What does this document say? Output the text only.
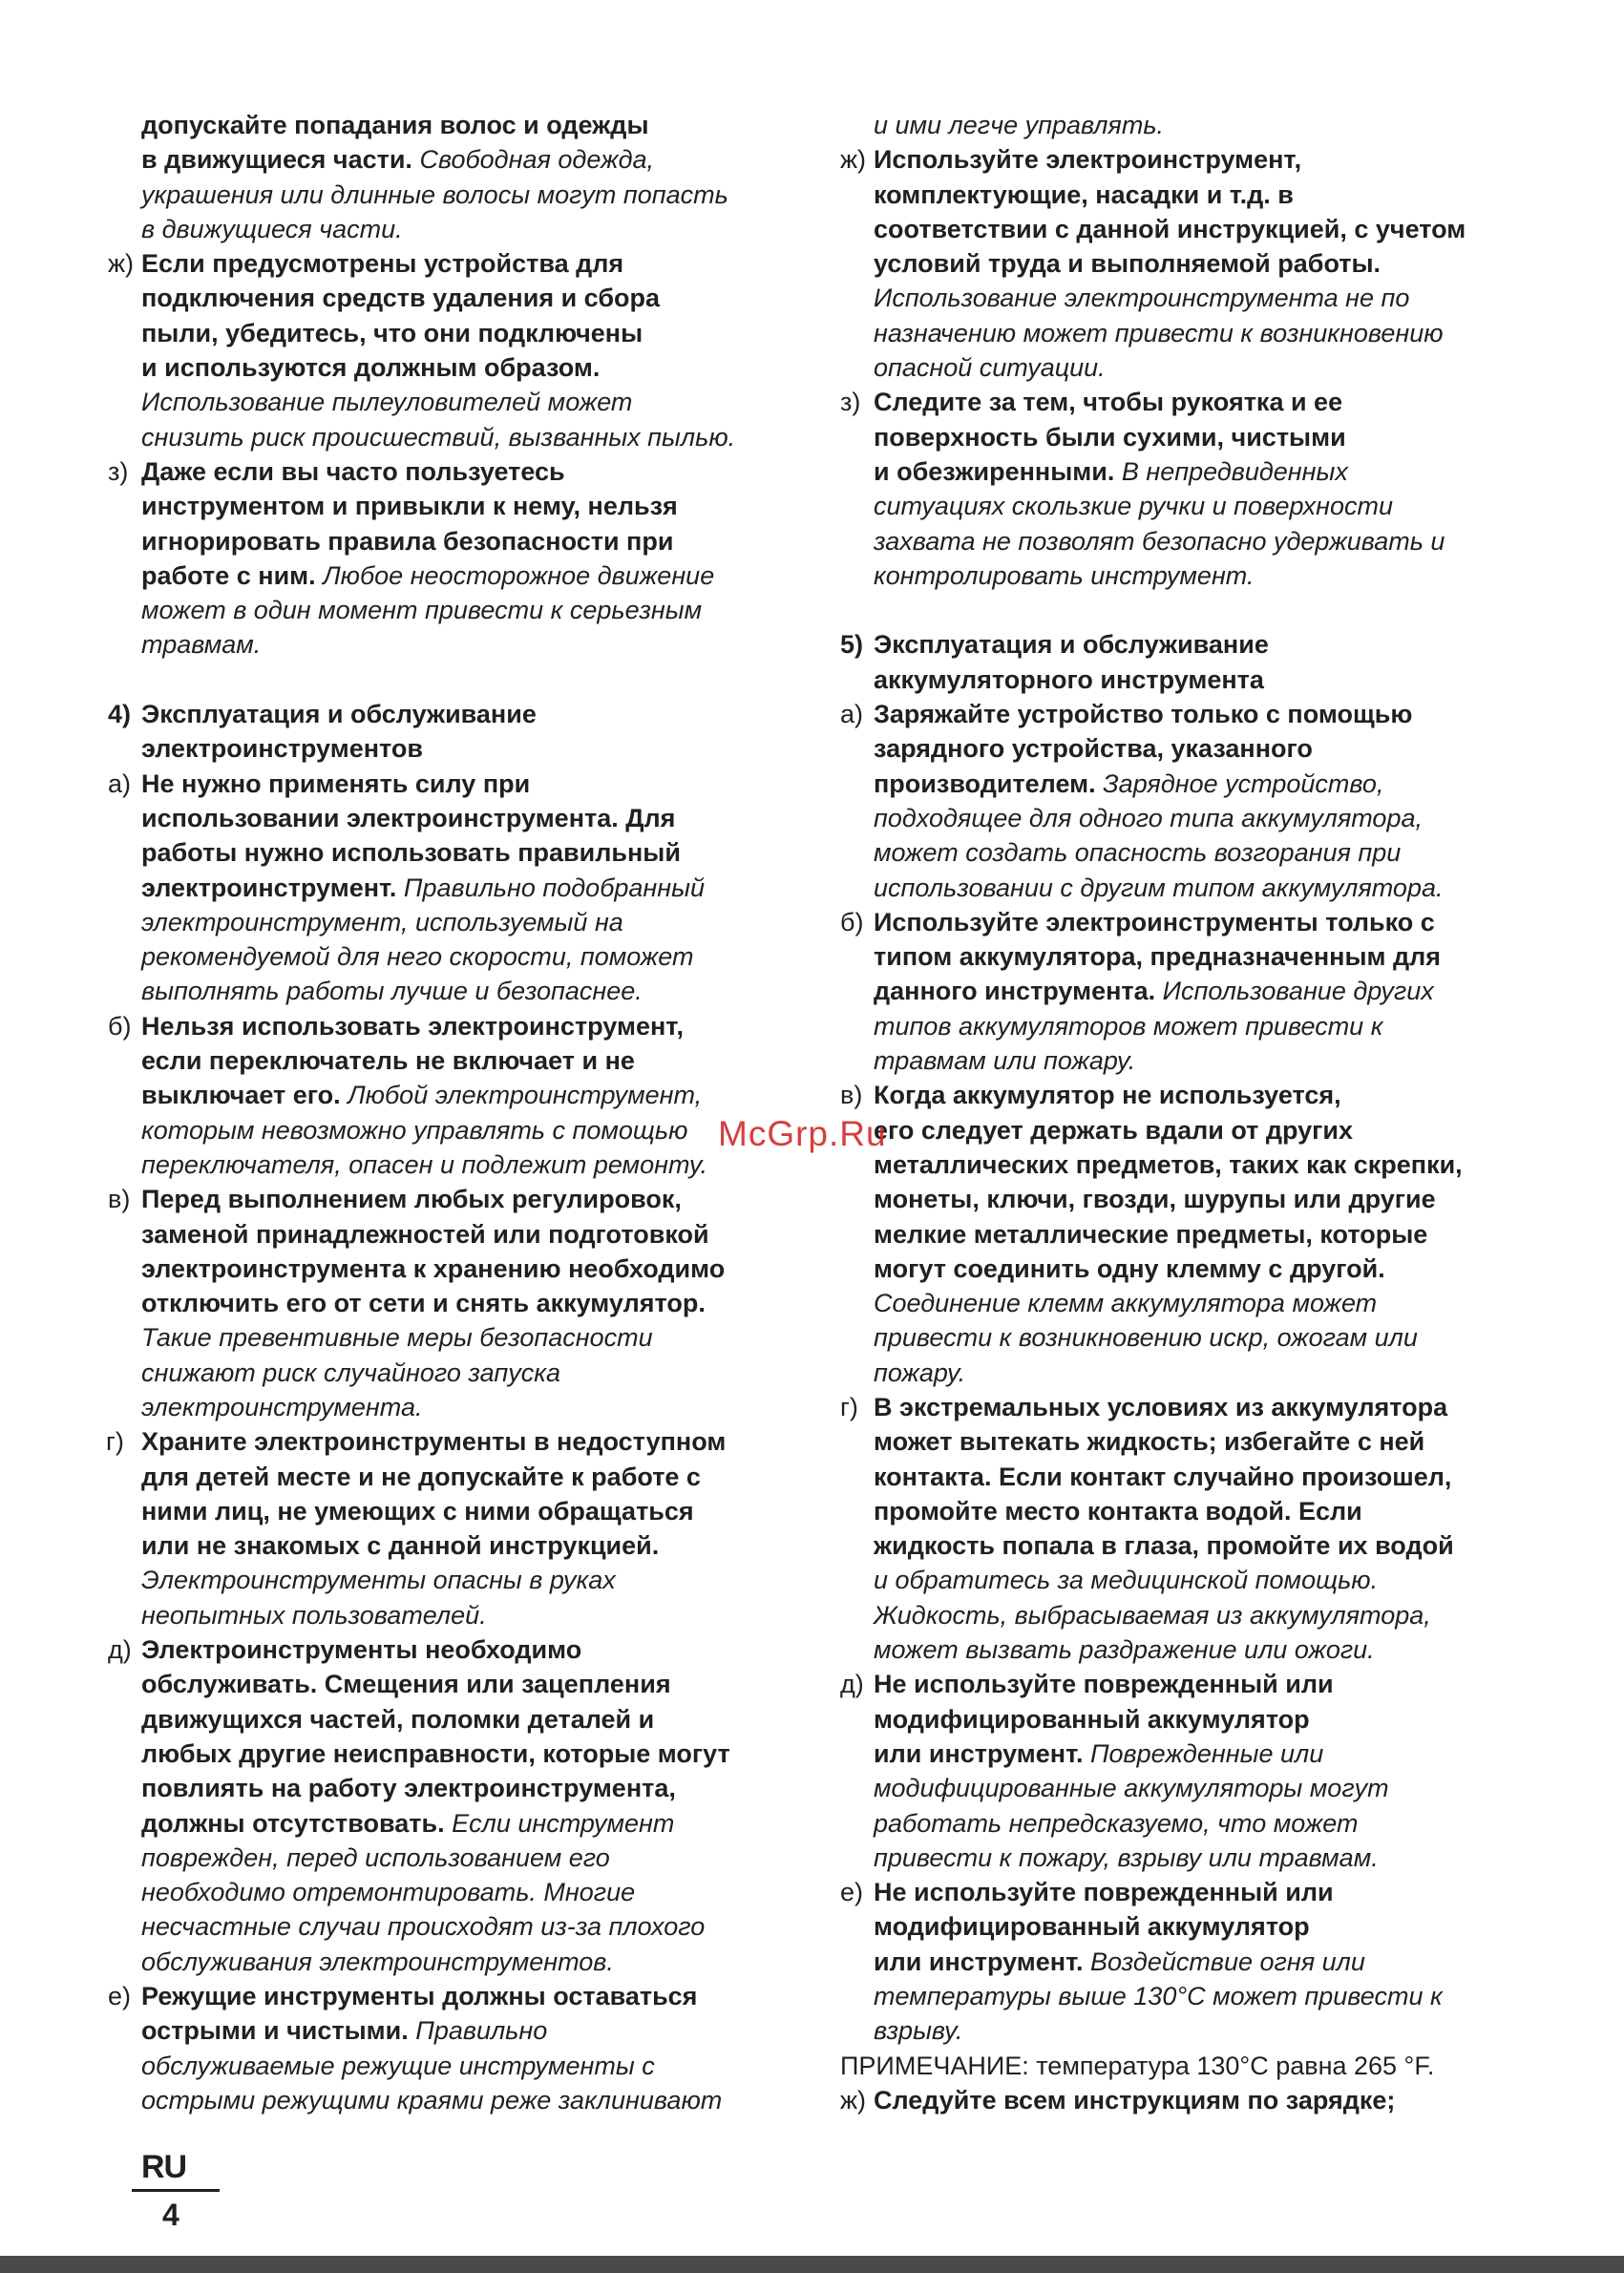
допускайте попадания волос и одежды
в движущиеся части. Свободная одежда,
украшения или длинные волосы могут попасть
в движущиеся части.
ж) Если предусмотрены устройства для
подключения средств удаления и сбора
пыли, убедитесь, что они подключены
и используются должным образом.
Использование пылеуловителей может
снизить риск происшествий, вызванных пылью.
з) Даже если вы часто пользуетесь
инструментом и привыкли к нему, нельзя
игнорировать правила безопасности при
работе с ним. Любое неосторожное движение
может в один момент привести к серьезным
травмам.
4) Эксплуатация и обслуживание
электроинструментов
а) Не нужно применять силу при
использовании электроинструмента. Для
работы нужно использовать правильный
электроинструмент. Правильно подобранный
электроинструмент, используемый на
рекомендуемой для него скорости, поможет
выполнять работы лучше и безопаснее.
б) Нельзя использовать электроинструмент,
если переключатель не включает и не
выключает его. Любой электроинструмент,
которым невозможно управлять с помощью
переключателя, опасен и подлежит ремонту.
в) Перед выполнением любых регулировок,
заменой принадлежностей или подготовкой
электроинструмента к хранению необходимо
отключить его от сети и снять аккумулятор.
Такие превентивные меры безопасности
снижают риск случайного запуска
электроинструмента.
г) Храните электроинструменты в недоступном
для детей месте и не допускайте к работе с
ними лиц, не умеющих с ними обращаться
или не знакомых с данной инструкцией.
Электроинструменты опасны в руках
неопытных пользователей.
д) Электроинструменты необходимо
обслуживать. Смещения или зацепления
движущихся частей, поломки деталей и
любых другие неисправности, которые могут
повлиять на работу электроинструмента,
должны отсутствовать. Если инструмент
поврежден, перед использованием его
необходимо отремонтировать. Многие
несчастные случаи происходят из-за плохого
обслуживания электроинструментов.
е) Режущие инструменты должны оставаться
острыми и чистыми. Правильно
обслуживаемые режущие инструменты с
острыми режущими краями реже заклинивают
и ими легче управлять.
ж) Используйте электроинструмент,
комплектующие, насадки и т.д. в
соответствии с данной инструкцией, с учетом
условий труда и выполняемой работы.
Использование электроинструмента не по
назначению может привести к возникновению
опасной ситуации.
з) Следите за тем, чтобы рукоятка и ее
поверхность были сухими, чистыми
и обезжиренными. В непредвиденных
ситуациях скользкие ручки и поверхности
захвата не позволят безопасно удерживать и
контролировать инструмент.
5) Эксплуатация и обслуживание
аккумуляторного инструмента
а) Заряжайте устройство только с помощью
зарядного устройства, указанного
производителем. Зарядное устройство,
подходящее для одного типа аккумулятора,
может создать опасность возгорания при
использовании с другим типом аккумулятора.
б) Используйте электроинструменты только с
типом аккумулятора, предназначенным для
данного инструмента. Использование других
типов аккумуляторов может привести к
травмам или пожару.
в) Когда аккумулятор не используется,
его следует держать вдали от других
металлических предметов, таких как скрепки,
монеты, ключи, гвозди, шурупы или другие
мелкие металлические предметы, которые
могут соединить одну клемму с другой.
Соединение клемм аккумулятора может
привести к возникновению искр, ожогам или
пожару.
г) В экстремальных условиях из аккумулятора
может вытекать жидкость; избегайте с ней
контакта. Если контакт случайно произошел,
промойте место контакта водой. Если
жидкость попала в глаза, промойте их водой
и обратитесь за медицинской помощью.
Жидкость, выбрасываемая из аккумулятора,
может вызвать раздражение или ожоги.
д) Не используйте поврежденный или
модифицированный аккумулятор
или инструмент. Поврежденные или
модифицированные аккумуляторы могут
работать непредсказуемо, что может
привести к пожару, взрыву или травмам.
е) Не используйте поврежденный или
модифицированный аккумулятор
или инструмент. Воздействие огня или
температуры выше 130°С может привести к
взрыву.
ПРИМЕЧАНИЕ: температура 130°С равна 265 °F.
ж) Следуйте всем инструкциям по зарядке;
McGrp.Ru
RU
4
